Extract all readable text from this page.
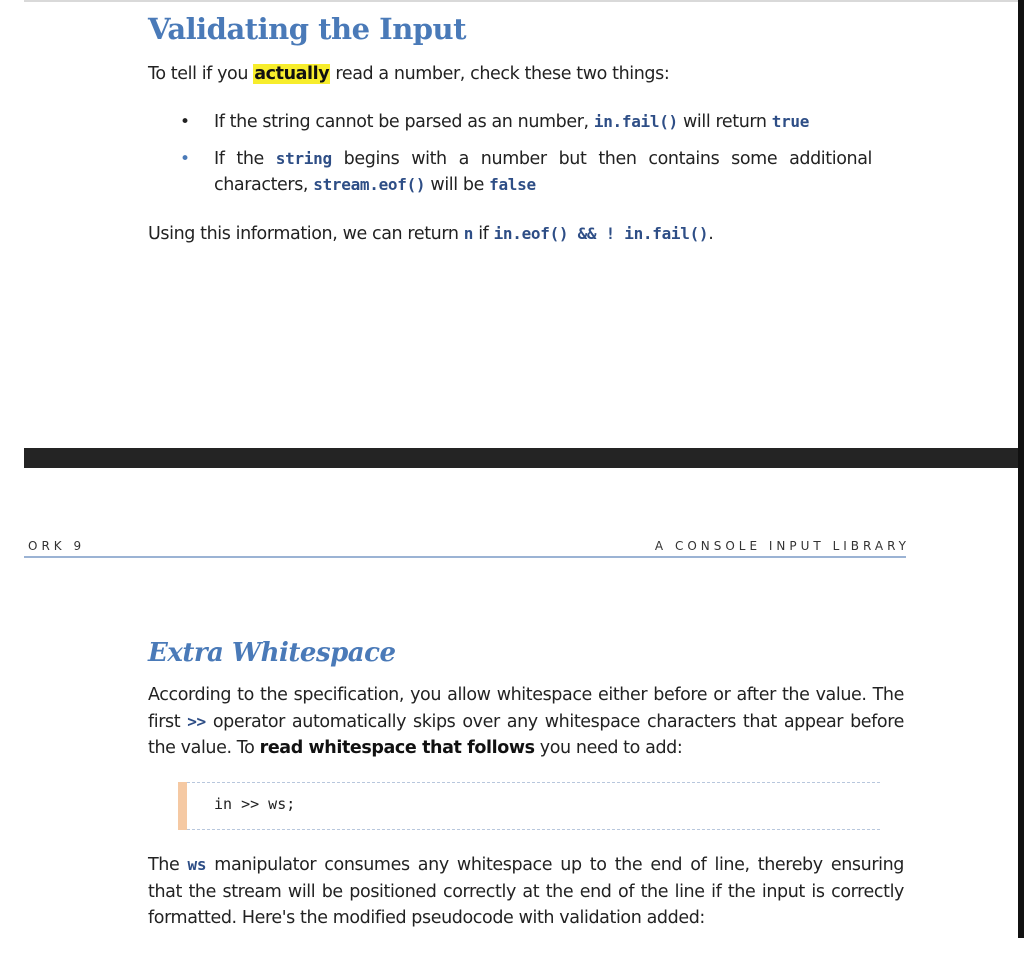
Validating the Input

To tell if you actually read a number, check these two things:

• If the string cannot be parsed as an number, in.fail() will return true
• If the string begins with a number but then contains some additional characters, stream.eof() will be false

Using this information, we can return n if in.eof() && ! in.fail().

ORK 9	A CONSOLE INPUT LIBRARY
Extra Whitespace

According to the specification, you allow whitespace either before or after the value. The first >> operator automatically skips over any whitespace characters that appear before the value. To read whitespace that follows you need to add:

in >> ws;

The ws manipulator consumes any whitespace up to the end of line, thereby ensuring that the stream will be positioned correctly at the end of the line if the input is correctly formatted. Here's the modified pseudocode with validation added:
